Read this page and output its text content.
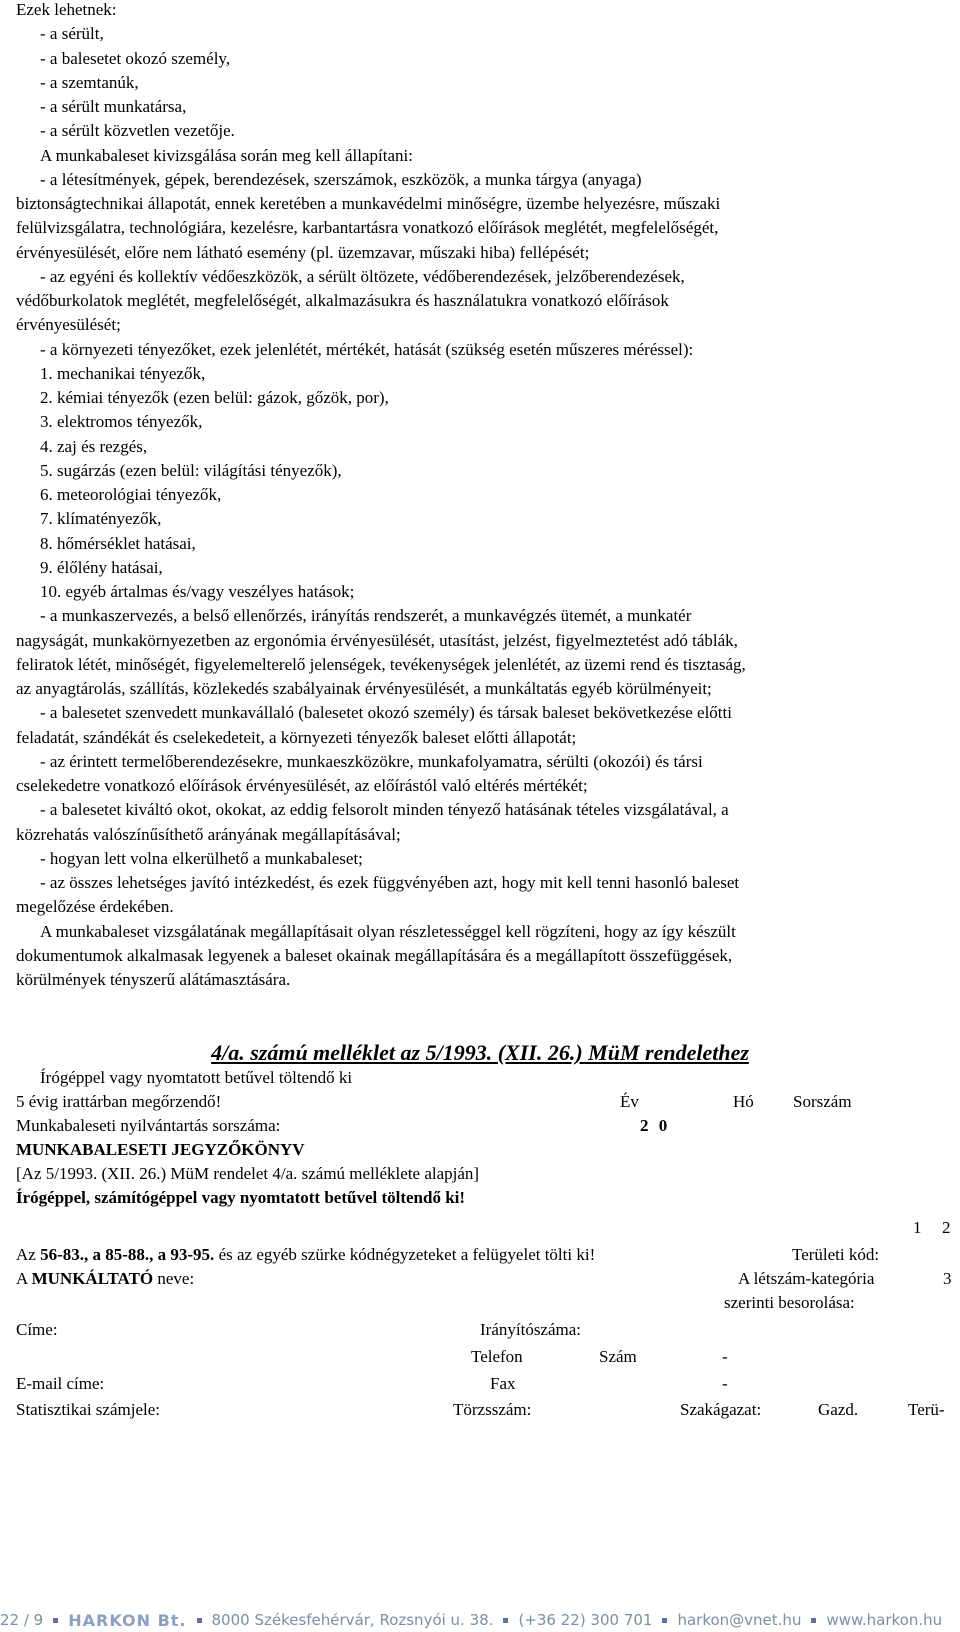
Ezek lehetnek:
- a sérült,
- a balesetet okozó személy,
- a szemtanúk,
- a sérült munkatársa,
- a sérült közvetlen vezetője.
A munkabaleset kivizsgálása során meg kell állapítani:
- a létesítmények, gépek, berendezések, szerszámok, eszközök, a munka tárgya (anyaga)
biztonságtechnikai állapotát, ennek keretében a munkavédelmi minőségre, üzembe helyezésre, műszaki
felülvizsgálatra, technológiára, kezelésre, karbantartásra vonatkozó előírások meglétét, megfelelőségét,
érvényesülését, előre nem látható esemény (pl. üzemzavar, műszaki hiba) fellépését;
- az egyéni és kollektív védőeszközök, a sérült öltözete, védőberendezések, jelzőberendezések,
védőburkolatok meglétét, megfelelőségét, alkalmazásukra és használatukra vonatkozó előírások
érvényesülését;
- a környezeti tényezőket, ezek jelenlétét, mértékét, hatását (szükség esetén műszeres méréssel):
1. mechanikai tényezők,
2. kémiai tényezők (ezen belül: gázok, gőzök, por),
3. elektromos tényezők,
4. zaj és rezgés,
5. sugárzás (ezen belül: világítási tényezők),
6. meteorológiai tényezők,
7. klímatényezők,
8. hőmérséklet hatásai,
9. élőlény hatásai,
10. egyéb ártalmas és/vagy veszélyes hatások;
- a munkaszervezés, a belső ellenőrzés, irányítás rendszerét, a munkavégzés ütemét, a munkatér
nagyságát, munkakörnyezetben az ergonómia érvényesülését, utasítást, jelzést, figyelmeztetést adó táblák,
feliratok létét, minőségét, figyelemelterelő jelenségek, tevékenységek jelenlétét, az üzemi rend és tisztaság,
az anyagtárolás, szállítás, közlekedés szabályainak érvényesülését, a munkáltatás egyéb körülményeit;
- a balesetet szenvedett munkavállaló (balesetet okozó személy) és társak baleset bekövetkezése előtti
feladatát, szándékát és cselekedeteit, a környezeti tényezők baleset előtti állapotát;
- az érintett termelőberendezésekre, munkaeszközökre, munkafolyamatra, sérülti (okozói) és társi
cselekedetre vonatkozó előírások érvényesülését, az előírástól való eltérés mértékét;
- a balesetet kiváltó okot, okokat, az eddig felsorolt minden tényező hatásának tételes vizsgálatával, a
közrehatás valószínűsíthető arányának megállapításával;
- hogyan lett volna elkerülhető a munkabaleset;
- az összes lehetséges javító intézkedést, és ezek függvényében azt, hogy mit kell tenni hasonló baleset
megelőzése érdekében.
A munkabaleset vizsgálatának megállapításait olyan részletességgel kell rögzíteni, hogy az így készült
dokumentumok alkalmasak legyenek a baleset okainak megállapítására és a megállapított összefüggések,
körülmények tényszerű alátámasztására.
4/a. számú melléklet az 5/1993. (XII. 26.) MüM rendelethez
Írógéppel vagy nyomtatott betűvel töltendő ki
5 évig irattárban megőrzendő!	Év	Hó Sorszám
Munkabaleseti nyilvántartás sorszáma:	2 0
MUNKABALESETI JEGYZŐKÖNYV
[Az 5/1993. (XII. 26.) MüM rendelet 4/a. számú melléklete alapján]
Írógéppel, számítógéppel vagy nyomtatott betűvel töltendő ki!
1 2
Az 56-83., a 85-88., a 93-95. és az egyéb szürke kódnégyzeteket a felügyelet tölti ki!	Területi kód:
A MUNKÁLTATÓ neve:	A létszám-kategória	3
szerinti besorolása:
Címe:	Irányítószáma:
Telefon	Szám	-
E-mail címe:	Fax	-
Statisztikai számjele:	Törzsszám:	Szakágazat:	Gazd.	Terü-
22 / 9 HARKON Bt. 8000 Székesfehérvár, Rozsnyói u. 38. (+36 22) 300 701 harkon@vnet.hu www.harkon.hu
